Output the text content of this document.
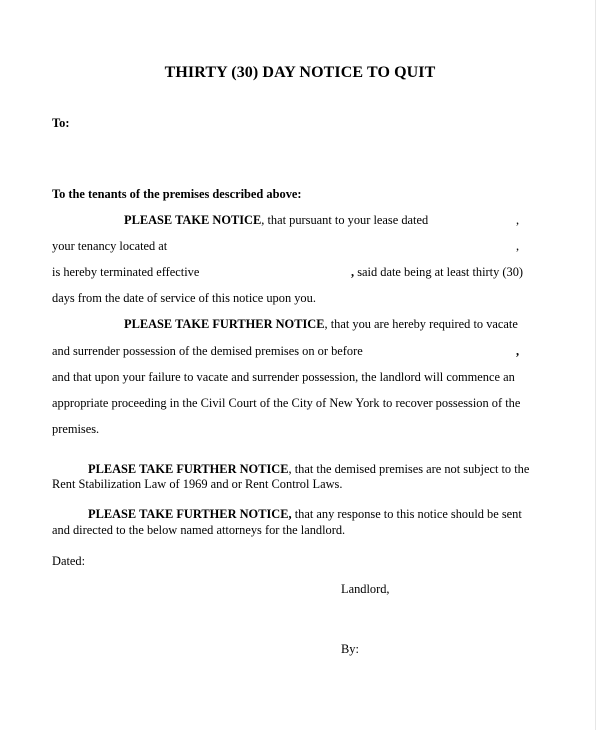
THIRTY (30) DAY NOTICE TO QUIT
To:
To the tenants of the premises described above:
PLEASE TAKE NOTICE, that pursuant to your lease dated	,
your tenancy located at	,
is hereby terminated effective	, said date being at least thirty (30)
days from the date of service of this notice upon you.
PLEASE TAKE FURTHER NOTICE, that you are hereby required to vacate
and surrender possession of the demised premises on or before	,
and that upon your failure to vacate and surrender possession, the landlord will commence an
appropriate proceeding in the Civil Court of the City of New York to recover possession of the
premises.
PLEASE TAKE FURTHER NOTICE, that the demised premises are not subject to the
Rent Stabilization Law of 1969 and or Rent Control Laws.
PLEASE TAKE FURTHER NOTICE, that any response to this notice should be sent
and directed to the below named attorneys for the landlord.
Dated:
Landlord,
By:
